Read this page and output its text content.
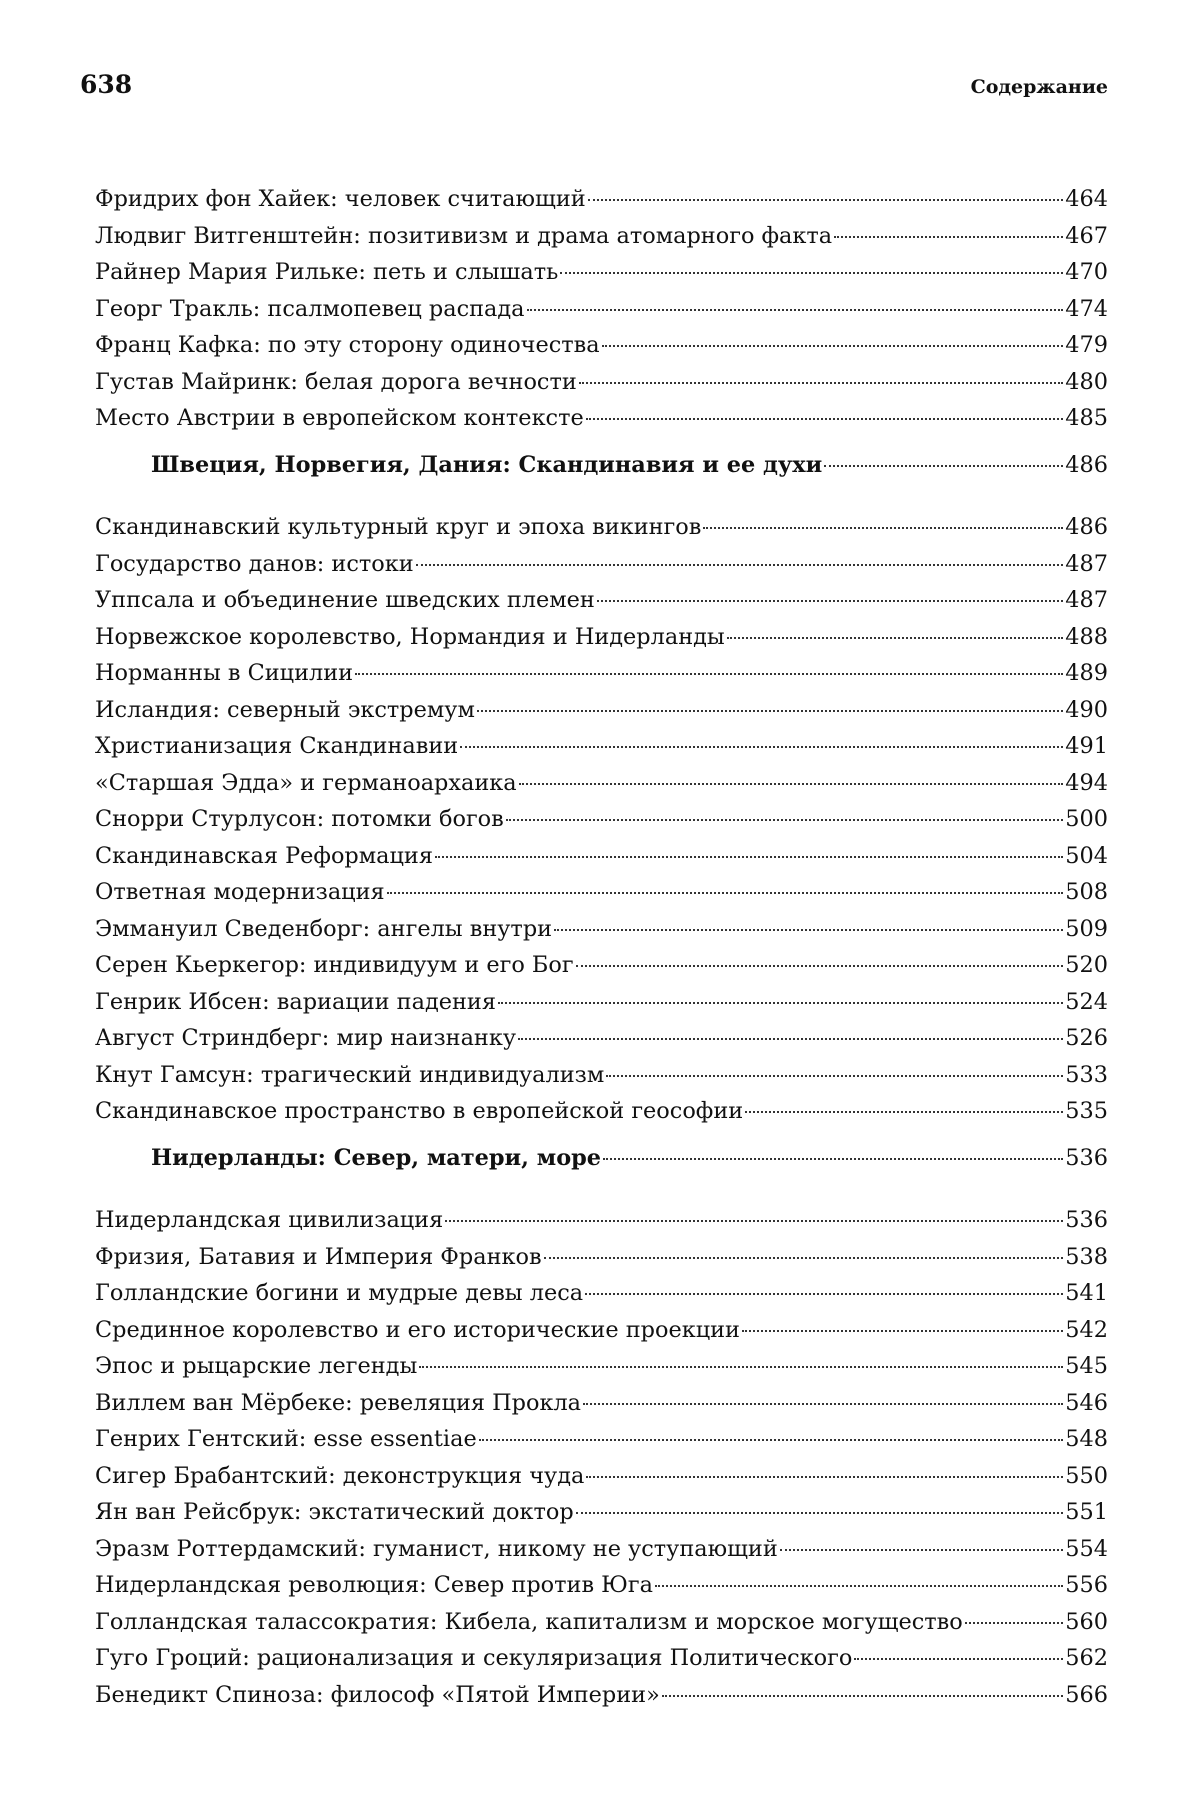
638	Содержание
Фридрих фон Хайек: человек считающий	464
Людвиг Витгенштейн: позитивизм и драма атомарного факта	467
Райнер Мария Рильке: петь и слышать	470
Георг Тракль: псалмопевец распада	474
Франц Кафка: по эту сторону одиночества	479
Густав Майринк: белая дорога вечности	480
Место Австрии в европейском контексте	485
Швеция, Норвегия, Дания: Скандинавия и ее духи	486
Скандинавский культурный круг и эпоха викингов	486
Государство данов: истоки	487
Уппсала и объединение шведских племен	487
Норвежское королевство, Нормандия и Нидерланды	488
Норманны в Сицилии	489
Исландия: северный экстремум	490
Христианизация Скандинавии	491
«Старшая Эдда» и германоархаика	494
Снорри Стурлусон: потомки богов	500
Скандинавская Реформация	504
Ответная модернизация	508
Эммануил Сведенборг: ангелы внутри	509
Серен Кьеркегор: индивидуум и его Бог	520
Генрик Ибсен: вариации падения	524
Август Стриндберг: мир наизнанку	526
Кнут Гамсун: трагический индивидуализм	533
Скандинавское пространство в европейской геософии	535
Нидерланды: Север, матери, море	536
Нидерландская цивилизация	536
Фризия, Батавия и Империя Франков	538
Голландские богини и мудрые девы леса	541
Срединное королевство и его исторические проекции	542
Эпос и рыцарские легенды	545
Виллем ван Мёрбеке: ревеляция Прокла	546
Генрих Гентский: esse essentiae	548
Сигер Брабантский: деконструкция чуда	550
Ян ван Рейсбрук: экстатический доктор	551
Эразм Роттердамский: гуманист, никому не уступающий	554
Нидерландская революция: Север против Юга	556
Голландская талассократия: Кибела, капитализм и морское могущество	560
Гуго Гроций: рационализация и секуляризация Политического	562
Бенедикт Спиноза: философ «Пятой Империи»	566
